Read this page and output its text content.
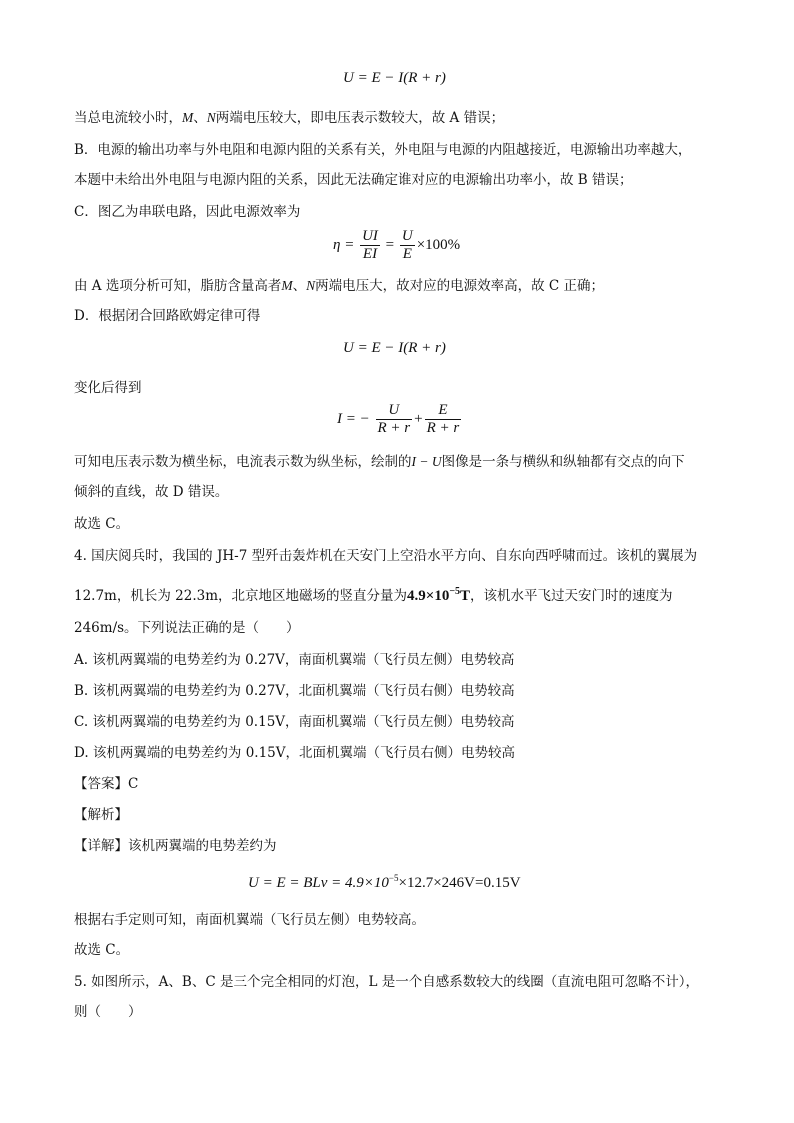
U = E − I(R + r)
当总电流较小时，M、N两端电压较大，即电压表示数较大，故 A 错误；
B．电源的输出功率与外电阻和电源内阻的关系有关，外电阻与电源的内阻越接近，电源输出功率越大，
本题中未给出外电阻与电源内阻的关系，因此无法确定谁对应的电源输出功率小，故 B 错误；
C．图乙为串联电路，因此电源效率为
$\eta = \frac{UI}{EI} = \frac{U}{E} \times 100\%$
由 A 选项分析可知，脂肪含量高者M、N两端电压大，故对应的电源效率高，故 C 正确；
D．根据闭合回路欧姆定律可得
U = E − I(R + r)
变化后得到
I = − $\frac{U}{R + r} + \frac{E}{R + r}$
可知电压表示数为横坐标，电流表示数为纵坐标，绘制的I − U图像是一条与横纵和纵轴都有交点的向下
倾斜的直线，故 D 错误。
故选 C。
4. 国庆阅兵时，我国的 JH-7 型歼击轰炸机在天安门上空沿水平方向、自东向西呼啸而过。该机的翼展为
12.7m，机长为 22.3m，北京地区地磁场的竖直分量为$4.9\times 10^{-5}T$，该机水平飞过天安门时的速度为
246m/s。下列说法正确的是（　　）
A. 该机两翼端的电势差约为 0.27V，南面机翼端（飞行员左侧）电势较高
B. 该机两翼端的电势差约为 0.27V，北面机翼端（飞行员右侧）电势较高
C. 该机两翼端的电势差约为 0.15V，南面机翼端（飞行员左侧）电势较高
D. 该机两翼端的电势差约为 0.15V，北面机翼端（飞行员右侧）电势较高
【答案】C
【解析】
【详解】该机两翼端的电势差约为
U = E = BLv = $4.9\times 10^{-5}\times 12.7\times 246V=0.15V$
根据右手定则可知，南面机翼端（飞行员左侧）电势较高。
故选 C。
5. 如图所示，A、B、C 是三个完全相同的灯泡，L 是一个自感系数较大的线圈（直流电阻可忽略不计），
则（　　）
